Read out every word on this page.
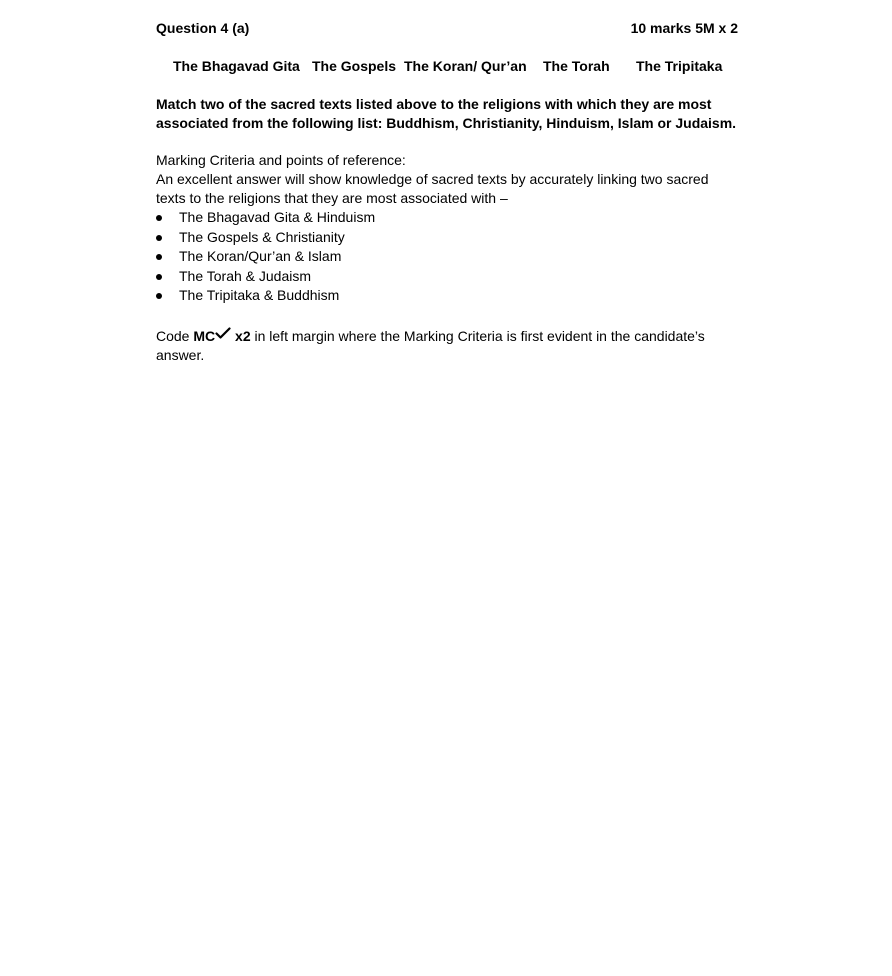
Question 4 (a)	10 marks 5M x 2
The Bhagavad Gita The Gospels The Koran/ Qur’an The Torah The Tripitaka
Match two of the sacred texts listed above to the religions with which they are most associated from the following list: Buddhism, Christianity, Hinduism, Islam or Judaism.

Marking Criteria and points of reference:

An excellent answer will show knowledge of sacred texts by accurately linking two sacred texts to the religions that they are most associated with –

The Bhagavad Gita & Hinduism
The Gospels & Christianity
The Koran/Qur’an & Islam
The Torah & Judaism
The Tripitaka & Buddhism
Code MC x2 in left margin where the Marking Criteria is first evident in the candidate’s answer.
